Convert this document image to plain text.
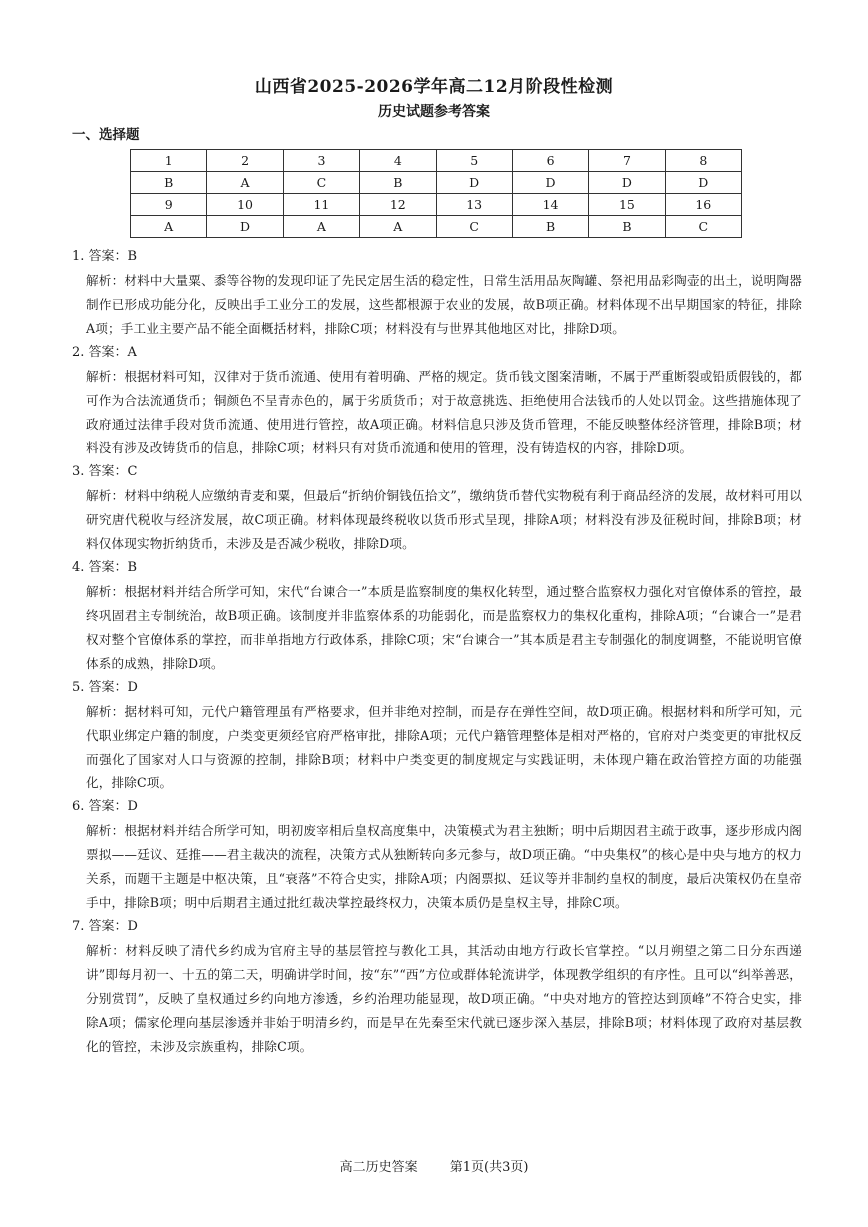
山西省2025-2026学年高二12月阶段性检测
历史试题参考答案
一、选择题
1	2	3	4	5	6	7	8
B	A	C	B	D	D	D	D
9	10	11	12	13	14	15	16
A	D	A	A	C	B	B	C
1. 答案：B
解析：材料中大量粟、黍等谷物的发现印证了先民定居生活的稳定性，日常生活用品灰陶罐、祭祀用品彩陶壶的出土，说明陶器制作已形成功能分化，反映出手工业分工的发展，这些都根源于农业的发展，故B项正确。材料体现不出早期国家的特征，排除A项；手工业主要产品不能全面概括材料，排除C项；材料没有与世界其他地区对比，排除D项。
2. 答案：A
解析：根据材料可知，汉律对于货币流通、使用有着明确、严格的规定。货币钱文图案清晰，不属于严重断裂或铅质假钱的，都可作为合法流通货币；铜颜色不呈青赤色的，属于劣质货币；对于故意挑选、拒绝使用合法钱币的人处以罚金。这些措施体现了政府通过法律手段对货币流通、使用进行管控，故A项正确。材料信息只涉及货币管理，不能反映整体经济管理，排除B项；材料没有涉及改铸货币的信息，排除C项；材料只有对货币流通和使用的管理，没有铸造权的内容，排除D项。
3. 答案：C
解析：材料中纳税人应缴纳青麦和粟，但最后“折纳价铜钱伍拾文”，缴纳货币替代实物税有利于商品经济的发展，故材料可用以研究唐代税收与经济发展，故C项正确。材料体现最终税收以货币形式呈现，排除A项；材料没有涉及征税时间，排除B项；材料仅体现实物折纳货币，未涉及是否减少税收，排除D项。
4. 答案：B
解析：根据材料并结合所学可知，宋代“台谏合一”本质是监察制度的集权化转型，通过整合监察权力强化对官僚体系的管控，最终巩固君主专制统治，故B项正确。该制度并非监察体系的功能弱化，而是监察权力的集权化重构，排除A项；“台谏合一”是君权对整个官僚体系的掌控，而非单指地方行政体系，排除C项；宋“台谏合一”其本质是君主专制强化的制度调整，不能说明官僚体系的成熟，排除D项。
5. 答案：D
解析：据材料可知，元代户籍管理虽有严格要求，但并非绝对控制，而是存在弹性空间，故D项正确。根据材料和所学可知，元代职业绑定户籍的制度，户类变更须经官府严格审批，排除A项；元代户籍管理整体是相对严格的，官府对户类变更的审批权反而强化了国家对人口与资源的控制，排除B项；材料中户类变更的制度规定与实践证明，未体现户籍在政治管控方面的功能强化，排除C项。
6. 答案：D
解析：根据材料并结合所学可知，明初废宰相后皇权高度集中，决策模式为君主独断；明中后期因君主疏于政事，逐步形成内阁票拟——廷议、廷推——君主裁决的流程，决策方式从独断转向多元参与，故D项正确。“中央集权”的核心是中央与地方的权力关系，而题干主题是中枢决策，且“衰落”不符合史实，排除A项；内阁票拟、廷议等并非制约皇权的制度，最后决策权仍在皇帝手中，排除B项；明中后期君主通过批红裁决掌控最终权力，决策本质仍是皇权主导，排除C项。
7. 答案：D
解析：材料反映了清代乡约成为官府主导的基层管控与教化工具，其活动由地方行政长官掌控。“以月朔望之第二日分东西递讲”即每月初一、十五的第二天，明确讲学时间，按“东”“西”方位或群体轮流讲学，体现教学组织的有序性。且可以“纠举善恶，分别赏罚”，反映了皇权通过乡约向地方渗透，乡约治理功能显现，故D项正确。“中央对地方的管控达到顶峰”不符合史实，排除A项；儒家伦理向基层渗透并非始于明清乡约，而是早在先秦至宋代就已逐步深入基层，排除B项；材料体现了政府对基层教化的管控，未涉及宗族重构，排除C项。
高二历史答案 第1页(共3页)
